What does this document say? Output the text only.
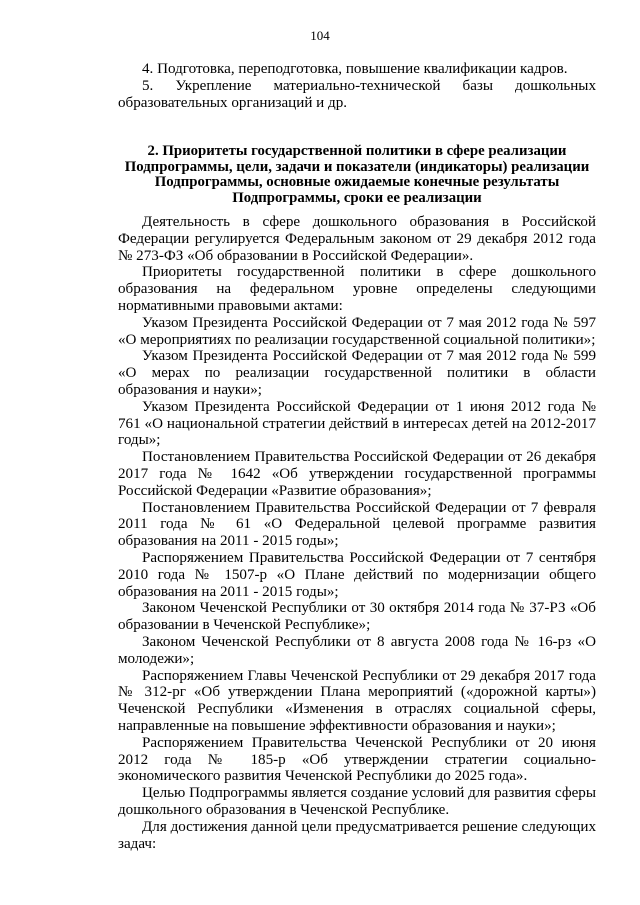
104

4. Подготовка, переподготовка, повышение квалификации кадров.

5. Укрепление материально-технической базы дошкольных образовательных организаций и др.

2. Приоритеты государственной политики в сфере реализации Подпрограммы, цели, задачи и показатели (индикаторы) реализации Подпрограммы, основные ожидаемые конечные результаты Подпрограммы, сроки ее реализации

Деятельность в сфере дошкольного образования в Российской Федерации регулируется Федеральным законом от 29 декабря 2012 года № 273-ФЗ «Об образовании в Российской Федерации».

Приоритеты государственной политики в сфере дошкольного образования на федеральном уровне определены следующими нормативными правовыми актами:

Указом Президента Российской Федерации от 7 мая 2012 года № 597 «О мероприятиях по реализации государственной социальной политики»;

Указом Президента Российской Федерации от 7 мая 2012 года № 599 «О мерах по реализации государственной политики в области образования и науки»;

Указом Президента Российской Федерации от 1 июня 2012 года № 761 «О национальной стратегии действий в интересах детей на 2012-2017 годы»;

Постановлением Правительства Российской Федерации от 26 декабря 2017 года № 1642 «Об утверждении государственной программы Российской Федерации «Развитие образования»;

Постановлением Правительства Российской Федерации от 7 февраля 2011 года № 61 «О Федеральной целевой программе развития образования на 2011 - 2015 годы»;

Распоряжением Правительства Российской Федерации от 7 сентября 2010 года № 1507-р «О Плане действий по модернизации общего образования на 2011 - 2015 годы»;

Законом Чеченской Республики от 30 октября 2014 года № 37-РЗ «Об образовании в Чеченской Республике»;

Законом Чеченской Республики от 8 августа 2008 года № 16-рз «О молодежи»;

Распоряжением Главы Чеченской Республики от 29 декабря 2017 года № 312-рг «Об утверждении Плана мероприятий («дорожной карты») Чеченской Республики «Изменения в отраслях социальной сферы, направленные на повышение эффективности образования и науки»;

Распоряжением Правительства Чеченской Республики от 20 июня 2012 года № 185-р «Об утверждении стратегии социально-экономического развития Чеченской Республики до 2025 года».

Целью Подпрограммы является создание условий для развития сферы дошкольного образования в Чеченской Республике.

Для достижения данной цели предусматривается решение следующих задач:
